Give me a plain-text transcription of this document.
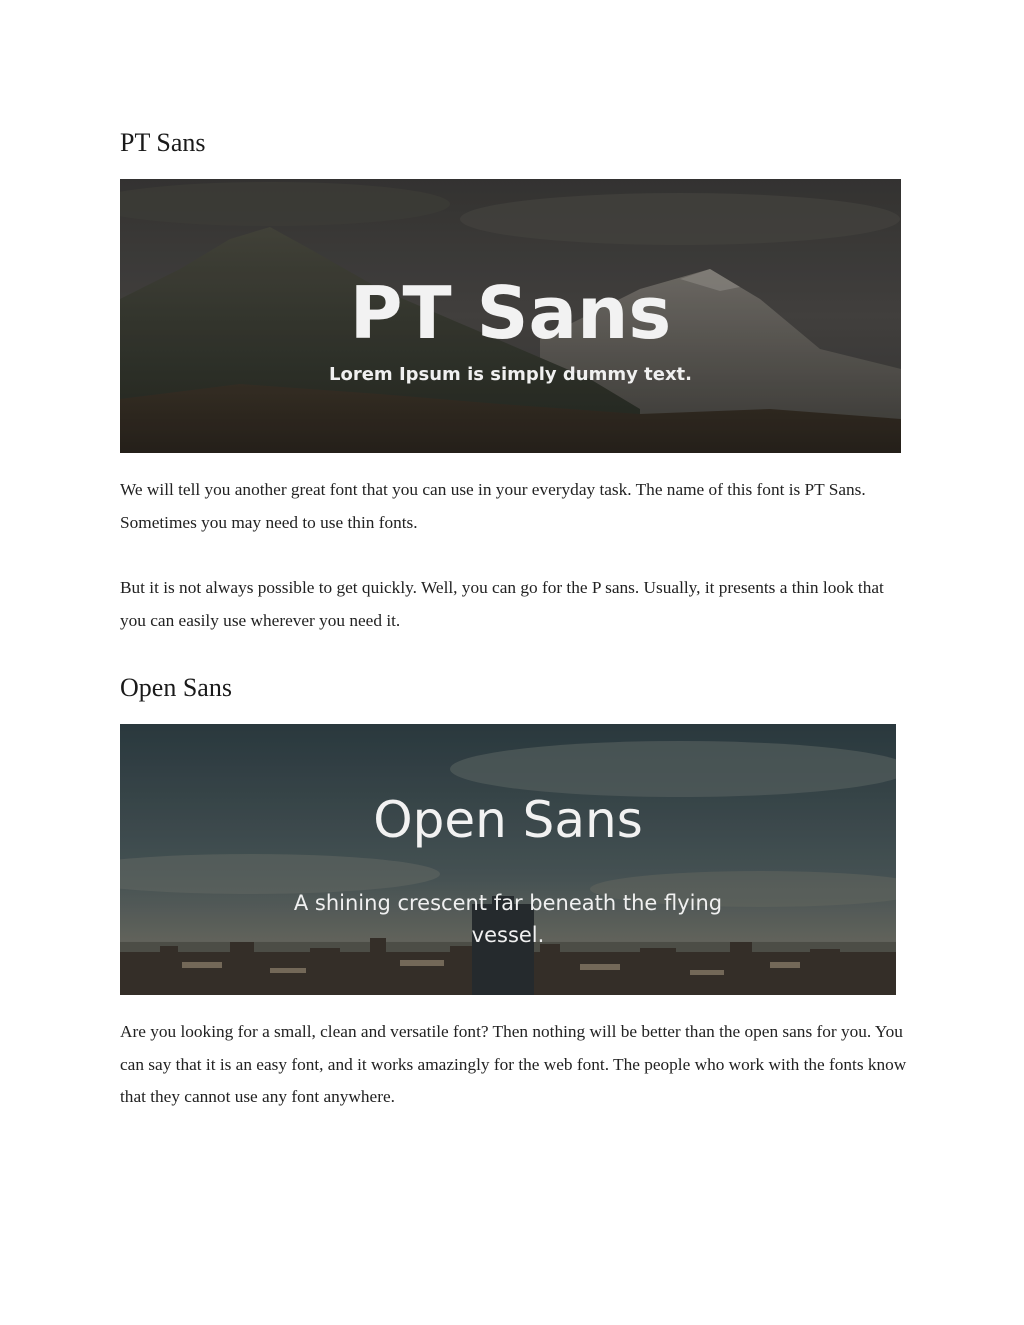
PT Sans

PT Sans

Lorem Ipsum is simply dummy text.

We will tell you another great font that you can use in your everyday task. The name of this font is PT Sans. Sometimes you may need to use thin fonts.

But it is not always possible to get quickly. Well, you can go for the P sans. Usually, it presents a thin look that you can easily use wherever you need it.

Open Sans

Open Sans

A shining crescent far beneath the flying

vessel.

Are you looking for a small, clean and versatile font? Then nothing will be better than the open sans for you. You can say that it is an easy font, and it works amazingly for the web font. The people who work with the fonts know that they cannot use any font anywhere.
